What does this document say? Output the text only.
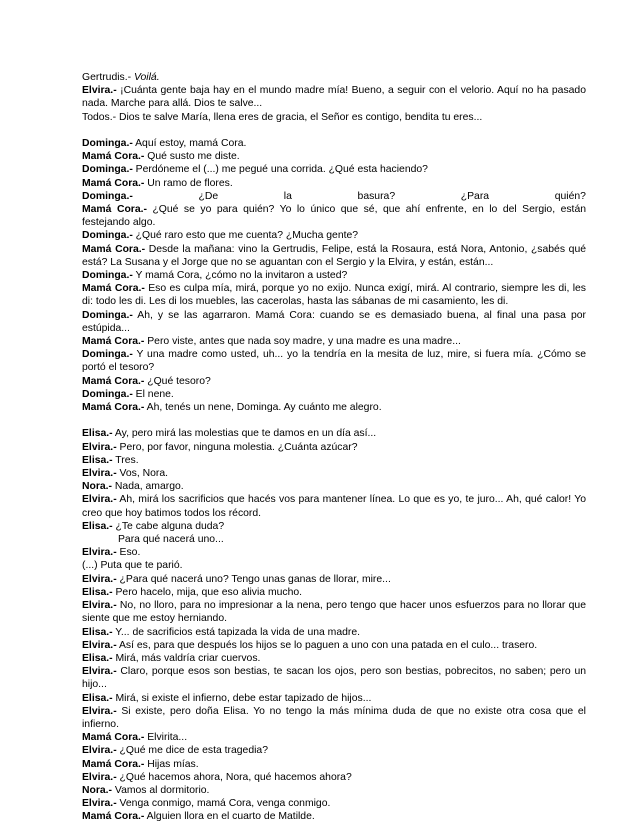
Gertrudis.- Voilá.

Elvira.- ¡Cuánta gente baja hay en el mundo madre mía! Bueno, a seguir con el velorio. Aquí no ha pasado nada. Marche para allá. Dios te salve...

Todos.- Dios te salve María, llena eres de gracia, el Señor es contigo, bendita tu eres...

Dominga.- Aquí estoy, mamá Cora.

Mamá Cora.- Qué susto me diste.

Dominga.- Perdóneme el (...) me pegué una corrida. ¿Qué esta haciendo?

Mamá Cora.- Un ramo de flores.

Dominga.-	¿De	la	basura?	¿Para	quién?

Mamá Cora.- ¿Qué se yo para quién? Yo lo único que sé, que ahí enfrente, en lo del Sergio, están festejando algo.

Dominga.- ¿Qué raro esto que me cuenta? ¿Mucha gente?

Mamá Cora.- Desde la mañana: vino la Gertrudis, Felipe, está la Rosaura, está Nora, Antonio, ¿sabés qué está? La Susana y el Jorge que no se aguantan con el Sergio y la Elvira, y están, están...

Dominga.- Y mamá Cora, ¿cómo no la invitaron a usted?

Mamá Cora.- Eso es culpa mía, mirá, porque yo no exijo. Nunca exigí, mirá. Al contrario, siempre les di, les di: todo les di. Les di los muebles, las cacerolas, hasta las sábanas de mi casamiento, les di.

Dominga.- Ah, y se las agarraron. Mamá Cora: cuando se es demasiado buena, al final una pasa por estúpida...

Mamá Cora.- Pero viste, antes que nada soy madre, y una madre es una madre...

Dominga.- Y una madre como usted, uh... yo la tendría en la mesita de luz, mire, si fuera mía. ¿Cómo se portó el tesoro?

Mamá Cora.- ¿Qué tesoro?

Dominga.- El nene.

Mamá Cora.- Ah, tenés un nene, Dominga. Ay cuánto me alegro.

Elisa.- Ay, pero mirá las molestias que te damos en un día así...

Elvira.- Pero, por favor, ninguna molestia. ¿Cuánta azúcar?

Elisa.- Tres.

Elvira.- Vos, Nora.

Nora.- Nada, amargo.

Elvira.- Ah, mirá los sacrificios que hacés vos para mantener línea. Lo que es yo, te juro... Ah, qué calor! Yo creo que hoy batimos todos los récord.

Elisa.- ¿Te cabe alguna duda?

Para qué nacerá uno...

Elvira.- Eso.

(...) Puta que te parió.

Elvira.- ¿Para qué nacerá uno? Tengo unas ganas de llorar, mire...

Elisa.- Pero hacelo, mija, que eso alivia mucho.

Elvira.- No, no lloro, para no impresionar a la nena, pero tengo que hacer unos esfuerzos para no llorar que siente que me estoy herniando.

Elisa.- Y... de sacrificios está tapizada la vida de una madre.

Elvira.- Así es, para que después los hijos se lo paguen a uno con una patada en el culo... trasero.

Elisa.- Mirá, más valdría criar cuervos.

Elvira.- Claro, porque esos son bestias, te sacan los ojos, pero son bestias, pobrecitos, no saben; pero un hijo...

Elisa.- Mirá, si existe el infierno, debe estar tapizado de hijos...

Elvira.- Si existe, pero doña Elisa. Yo no tengo la más mínima duda de que no existe otra cosa que el infierno.

Mamá Cora.- Elvirita...

Elvira.- ¿Qué me dice de esta tragedia?

Mamá Cora.- Hijas mías.

Elvira.- ¿Qué hacemos ahora, Nora, qué hacemos ahora?

Nora.- Vamos al dormitorio.

Elvira.- Venga conmigo, mamá Cora, venga conmigo.

Mamá Cora.- Alguien llora en el cuarto de Matilde.
